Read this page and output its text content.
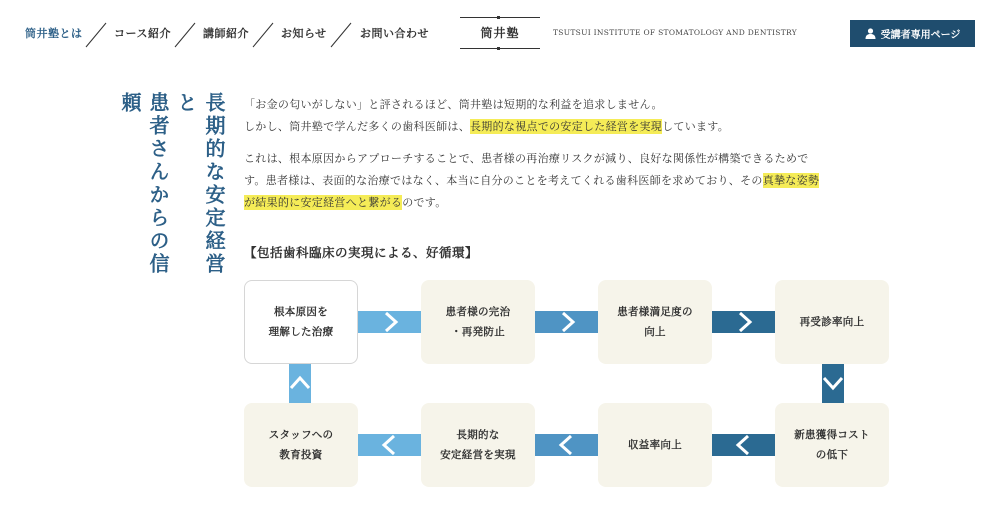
筒井塾とは	コース紹介	講師紹介	お知らせ	お問い合わせ	筒井塾	TSUTSUI INSTITUTE OF STOMATOLOGY AND DENTISTRY	受講者専用ページ
長期的な安定経営と
患者さんからの信頼	「お金の匂いがしない」と評されるほど、筒井塾は短期的な利益を追求しません。
しかし、筒井塾で学んだ多くの歯科医師は、長期的な視点での安定した経営を実現しています。
これは、根本原因からアプローチすることで、患者様の再治療リスクが減り、良好な関係性が構築できるためで
す。患者様は、表面的な治療ではなく、本当に自分のことを考えてくれる歯科医師を求めており、その真摯な姿勢
が結果的に安定経営へと繋がるのです。
【包括歯科臨床の実現による、好循環】
根本原因を
理解した治療
患者様の完治
・再発防止
患者様満足度の
向上
再受診率向上
新患獲得コスト
の低下
収益率向上
長期的な
安定経営を実現
スタッフへの
教育投資
